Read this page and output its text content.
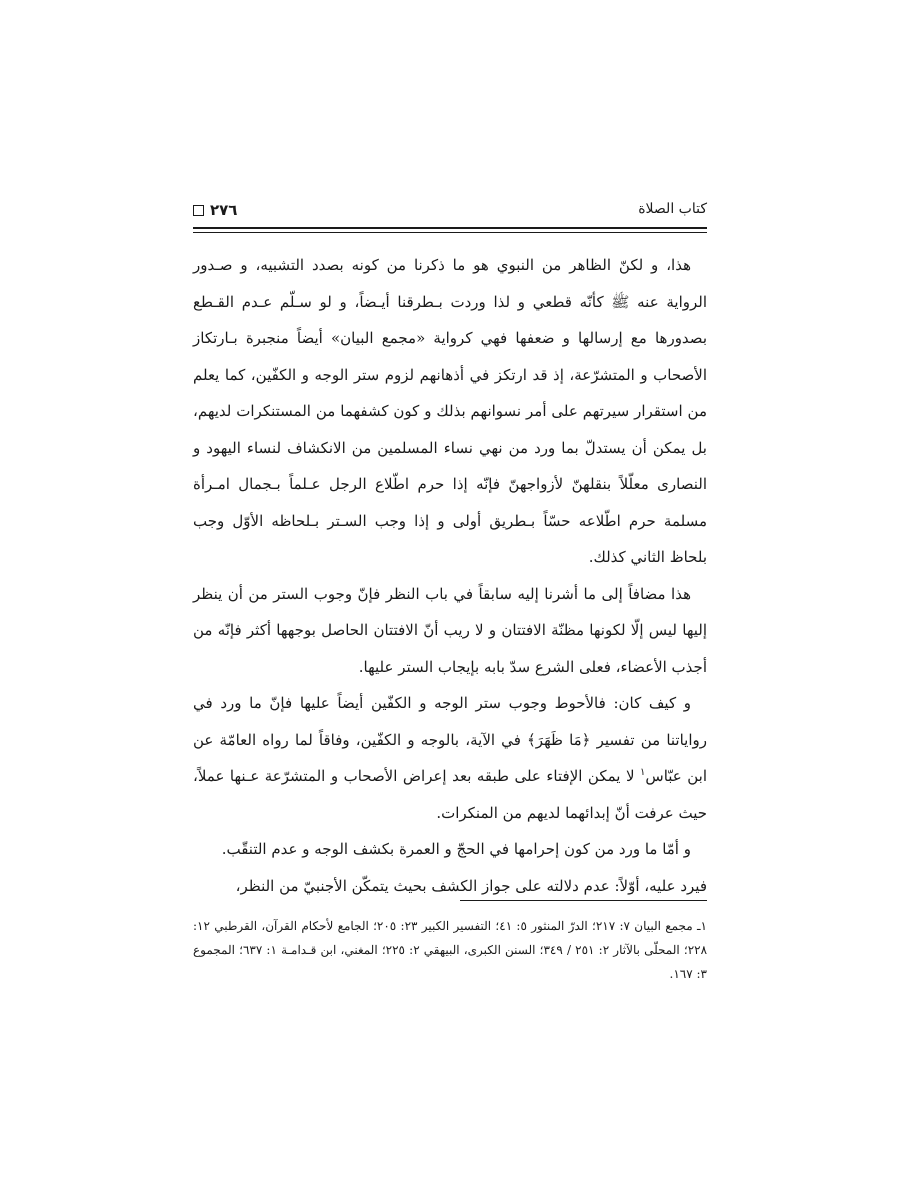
٢٧٦	كتاب الصلاة

هذا، و لكنّ الظاهر من النبوي هو ما ذكرنا من كونه بصدد التشبيه، و صـدور الرواية عنه ﷺ كأنّه قطعي و لذا وردت بـطرقنا أيـضاً، و لو سـلّم عـدم القـطع بصدورها مع إرسالها و ضعفها فهي كرواية «مجمع البيان» أيضاً منجبرة بـارتكاز الأصحاب و المتشرّعة، إذ قد ارتكز في أذهانهم لزوم ستر الوجه و الكفّين، كما يعلم من استقرار سيرتهم على أمر نسوانهم بذلك و كون كشفهما من المستنكرات لديهم، بل يمكن أن يستدلّ بما ورد من نهي نساء المسلمين من الانكشاف لنساء اليهود و النصارى معلّلاً بنقلهنّ لأزواجهنّ فإنّه إذا حرم اطّلاع الرجل عـلماً بـجمال امـرأة مسلمة حرم اطّلاعه حسّاً بـطريق أولى و إذا وجب السـتر بـلحاظه الأوّل وجب بلحاظ الثاني كذلك.

هذا مضافاً إلى ما أشرنا إليه سابقاً في باب النظر فإنّ وجوب الستر من أن ينظر إليها ليس إلّا لكونها مظنّة الافتتان و لا ريب أنّ الافتتان الحاصل بوجهها أكثر فإنّه من أجذب الأعضاء، فعلى الشرع سدّ بابه بإيجاب الستر عليها.

و كيف كان: فالأحوط وجوب ستر الوجه و الكفّين أيضاً عليها فإنّ ما ورد في رواياتنا من تفسير ﴿مَا ظَهَرَ﴾ في الآية، بالوجه و الكفّين، وفاقاً لما رواه العامّة عن ابن عبّاس$^١$ لا يمكن الإفتاء على طبقه بعد إعراض الأصحاب و المتشرّعة عـنها عملاً، حيث عرفت أنّ إبدائهما لديهم من المنكرات.

و أمّا ما ورد من كون إحرامها في الحجّ و العمرة بكشف الوجه و عدم التنقّب.

فيرد عليه، أوّلاً: عدم دلالته على جواز الكشف بحيث يتمكّن الأجنبيّ من النظر،

١ـ مجمع البيان ٧: ٢١٧؛ الدرّ المنثور ٥: ٤١؛ التفسير الكبير ٢٣: ٢٠٥؛ الجامع لأحكام القرآن، القرطبي ١٢: ٢٢٨؛ المحلّى بالآثار ٢: ٢٥١ / ٣٤٩؛ السنن الكبرى، البيهقي ٢: ٢٢٥؛ المغني، ابن قـدامـة ١: ٦٣٧؛ المجموع ٣: ١٦٧.
